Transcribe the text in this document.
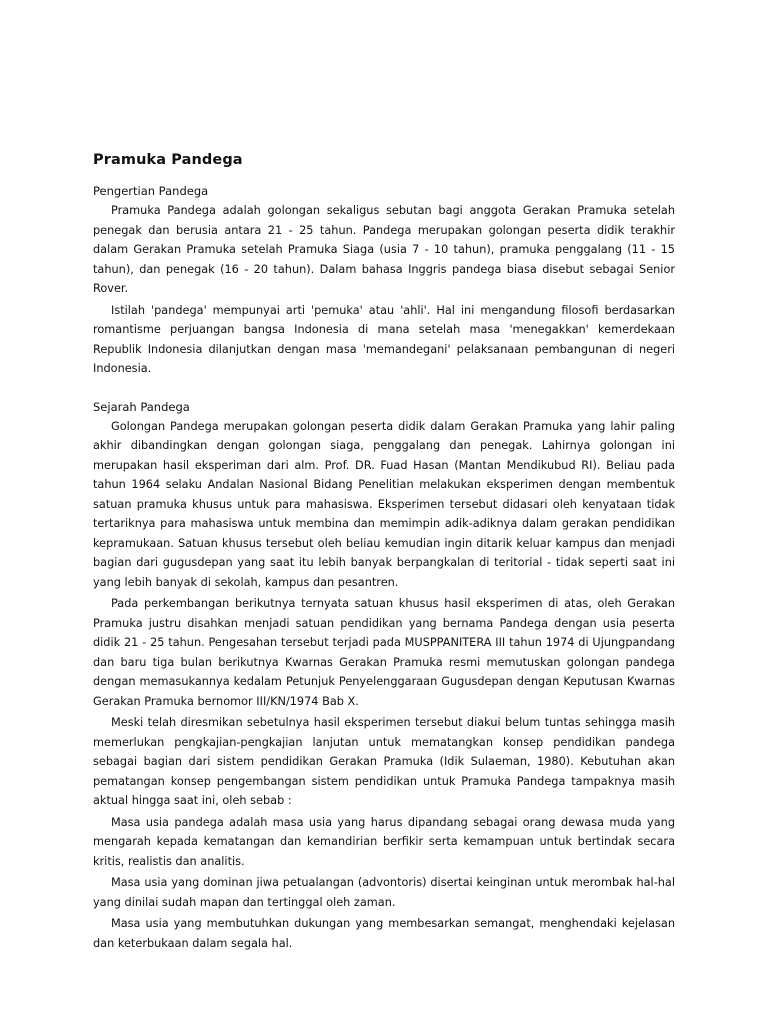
Pramuka Pandega
Pengertian Pandega

Pramuka Pandega adalah golongan sekaligus sebutan bagi anggota Gerakan Pramuka setelah penegak dan berusia antara 21 - 25 tahun. Pandega merupakan golongan peserta didik terakhir dalam Gerakan Pramuka setelah Pramuka Siaga (usia 7 - 10 tahun), pramuka penggalang (11 - 15 tahun), dan penegak (16 - 20 tahun). Dalam bahasa Inggris pandega biasa disebut sebagai Senior Rover.

Istilah 'pandega' mempunyai arti 'pemuka' atau 'ahli'. Hal ini mengandung filosofi berdasarkan romantisme perjuangan bangsa Indonesia di mana setelah masa 'menegakkan' kemerdekaan Republik Indonesia dilanjutkan dengan masa 'memandegani' pelaksanaan pembangunan di negeri Indonesia.

Sejarah Pandega

Golongan Pandega merupakan golongan peserta didik dalam Gerakan Pramuka yang lahir paling akhir dibandingkan dengan golongan siaga, penggalang dan penegak. Lahirnya golongan ini merupakan hasil eksperiman dari alm. Prof. DR. Fuad Hasan (Mantan Mendikubud RI). Beliau pada tahun 1964 selaku Andalan Nasional Bidang Penelitian melakukan eksperimen dengan membentuk satuan pramuka khusus untuk para mahasiswa. Eksperimen tersebut didasari oleh kenyataan tidak tertariknya para mahasiswa untuk membina dan memimpin adik-adiknya dalam gerakan pendidikan kepramukaan. Satuan khusus tersebut oleh beliau kemudian ingin ditarik keluar kampus dan menjadi bagian dari gugusdepan yang saat itu lebih banyak berpangkalan di teritorial - tidak seperti saat ini yang lebih banyak di sekolah, kampus dan pesantren.

Pada perkembangan berikutnya ternyata satuan khusus hasil eksperimen di atas, oleh Gerakan Pramuka justru disahkan menjadi satuan pendidikan yang bernama Pandega dengan usia peserta didik 21 - 25 tahun. Pengesahan tersebut terjadi pada MUSPPANITERA III tahun 1974 di Ujungpandang dan baru tiga bulan berikutnya Kwarnas Gerakan Pramuka resmi memutuskan golongan pandega dengan memasukannya kedalam Petunjuk Penyelenggaraan Gugusdepan dengan Keputusan Kwarnas Gerakan Pramuka bernomor III/KN/1974 Bab X.

Meski telah diresmikan sebetulnya hasil eksperimen tersebut diakui belum tuntas sehingga masih memerlukan pengkajian-pengkajian lanjutan untuk mematangkan konsep pendidikan pandega sebagai bagian dari sistem pendidikan Gerakan Pramuka (Idik Sulaeman, 1980). Kebutuhan akan pematangan konsep pengembangan sistem pendidikan untuk Pramuka Pandega tampaknya masih aktual hingga saat ini, oleh sebab :

Masa usia pandega adalah masa usia yang harus dipandang sebagai orang dewasa muda yang mengarah kepada kematangan dan kemandirian berfikir serta kemampuan untuk bertindak secara kritis, realistis dan analitis.

Masa usia yang dominan jiwa petualangan (advontoris) disertai keinginan untuk merombak hal-hal yang dinilai sudah mapan dan tertinggal oleh zaman.

Masa usia yang membutuhkan dukungan yang membesarkan semangat, menghendaki kejelasan dan keterbukaan dalam segala hal.
